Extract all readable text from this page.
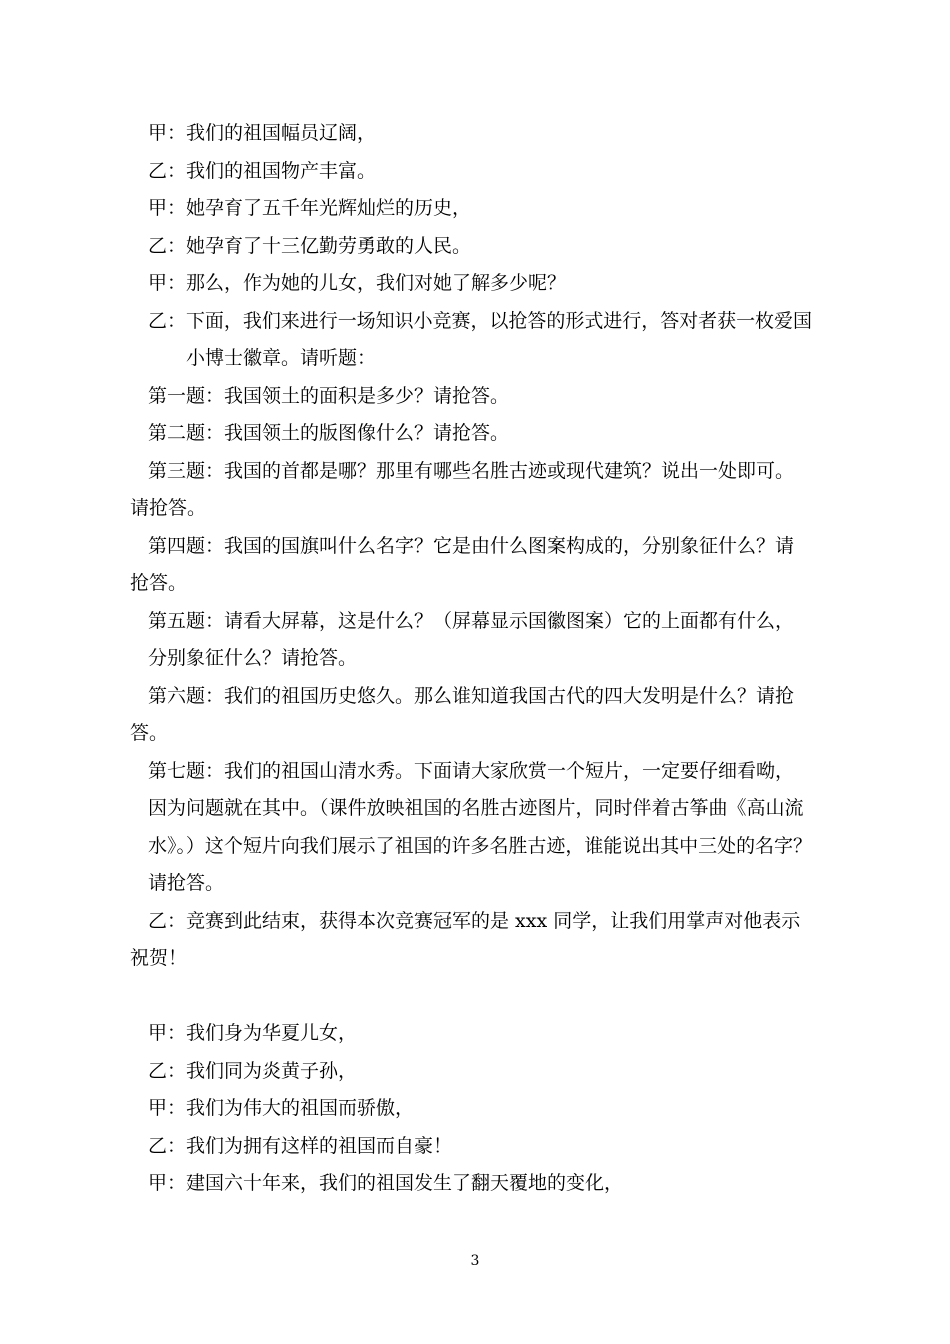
甲：我们的祖国幅员辽阔，
乙：我们的祖国物产丰富。
甲：她孕育了五千年光辉灿烂的历史，
乙：她孕育了十三亿勤劳勇敢的人民。
甲：那么，作为她的儿女，我们对她了解多少呢？
乙：下面，我们来进行一场知识小竞赛，以抢答的形式进行，答对者获一枚爱国
小博士徽章。请听题：
第一题：我国领土的面积是多少？请抢答。
第二题：我国领土的版图像什么？请抢答。
第三题：我国的首都是哪？那里有哪些名胜古迹或现代建筑？说出一处即可。
请抢答。
第四题：我国的国旗叫什么名字？它是由什么图案构成的，分别象征什么？请
抢答。
第五题：请看大屏幕，这是什么？（屏幕显示国徽图案）它的上面都有什么，
分别象征什么？请抢答。
第六题：我们的祖国历史悠久。那么谁知道我国古代的四大发明是什么？请抢
答。
第七题：我们的祖国山清水秀。下面请大家欣赏一个短片，一定要仔细看呦，
因为问题就在其中。（课件放映祖国的名胜古迹图片，同时伴着古筝曲《高山流
水》。）这个短片向我们展示了祖国的许多名胜古迹，谁能说出其中三处的名字？
请抢答。
乙：竞赛到此结束，获得本次竞赛冠军的是 xxx 同学，让我们用掌声对他表示
祝贺！
甲：我们身为华夏儿女，
乙：我们同为炎黄子孙，
甲：我们为伟大的祖国而骄傲，
乙：我们为拥有这样的祖国而自豪！
甲：建国六十年来，我们的祖国发生了翻天覆地的变化，
3
